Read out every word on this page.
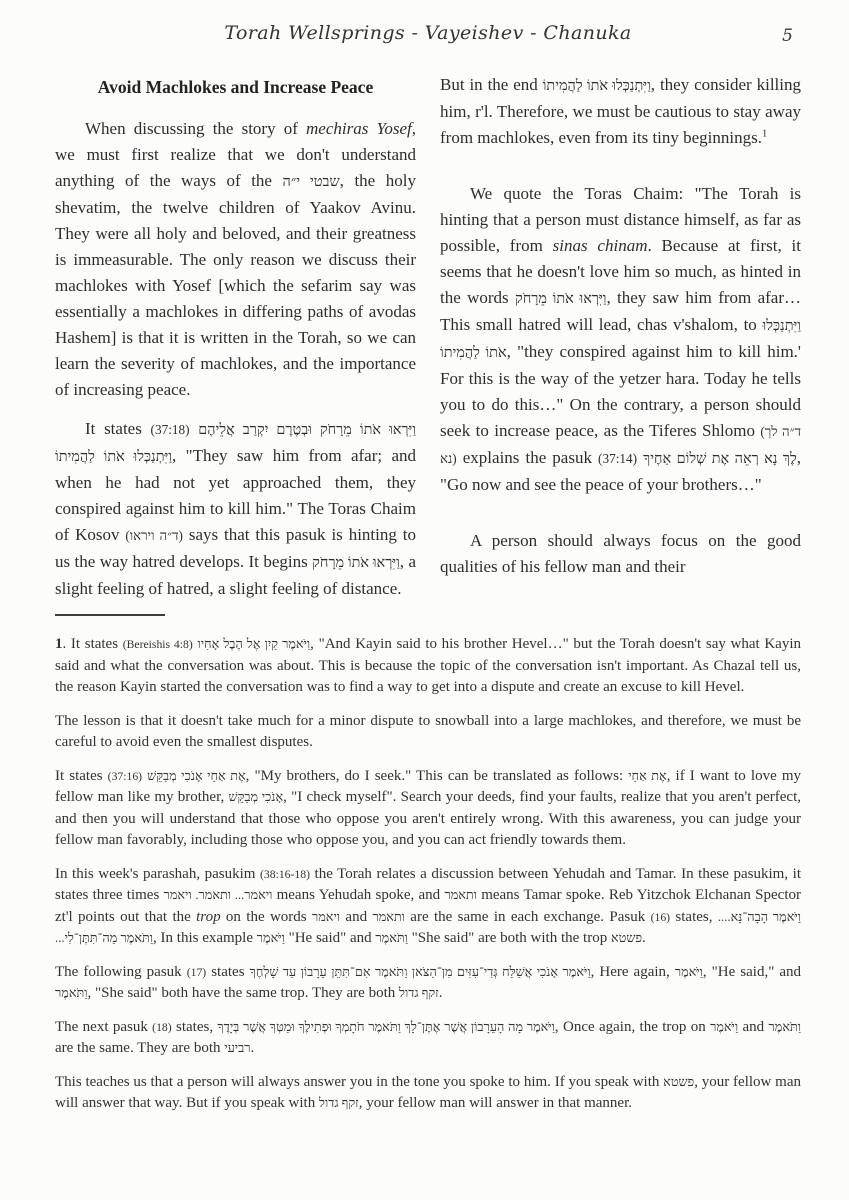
Torah Wellsprings - Vayeishev - Chanuka	5
Avoid Machlokes and Increase Peace

When discussing the story of mechiras Yosef, we must first realize that we don't understand anything of the ways of the שבטי י״ה, the holy shevatim, the twelve children of Yaakov Avinu. They were all holy and beloved, and their greatness is immeasurable. The only reason we discuss their machlokes with Yosef [which the sefarim say was essentially a machlokes in differing paths of avodas Hashem] is that it is written in the Torah, so we can learn the severity of machlokes, and the importance of increasing peace.

It states (37:18) וַיִּרְאוּ אֹתוֹ מֵרָחֹק וּבְטֶרֶם יִקְרַב אֲלֵיהֶם וַיִּתְנַכְּלוּ אֹתוֹ לַהֲמִיתוֹ, "They saw him from afar; and when he had not yet approached them, they conspired against him to kill him." The Toras Chaim of Kosov (ד״ה ויראו) says that this pasuk is hinting to us the way hatred develops. It begins וַיִּרְאוּ אֹתוֹ מֵרָחֹק, a slight feeling of hatred, a slight feeling of distance.

But in the end וַיִּתְנַכְּלוּ אֹתוֹ לַהֲמִיתוֹ, they consider killing him, r'l. Therefore, we must be cautious to stay away from machlokes, even from its tiny beginnings.$^1$

We quote the Toras Chaim: "The Torah is hinting that a person must distance himself, as far as possible, from sinas chinam. Because at first, it seems that he doesn't love him so much, as hinted in the words וַיִּרְאוּ אֹתוֹ מֵרָחֹק, they saw him from afar… This small hatred will lead, chas v'shalom, to וַיִּתְנַכְּלוּ אֹתוֹ לַהֲמִיתוֹ, "they conspired against him to kill him.' For this is the way of the yetzer hara. Today he tells you to do this…" On the contrary, a person should seek to increase peace, as the Tiferes Shlomo (ד״ה לך נא) explains the pasuk (37:14) לֶךְ נָא רְאֵה אֶת שְׁלוֹם אַחֶיךָ, "Go now and see the peace of your brothers…"

A person should always focus on the good qualities of his fellow man and their

1. It states (Bereishis 4:8) וַיֹּאמֶר קַיִן אֶל הֶבֶל אָחִיו, "And Kayin said to his brother Hevel…" but the Torah doesn't say what Kayin said and what the conversation was about. This is because the topic of the conversation isn't important. As Chazal tell us, the reason Kayin started the conversation was to find a way to get into a dispute and create an excuse to kill Hevel.

The lesson is that it doesn't take much for a minor dispute to snowball into a large machlokes, and therefore, we must be careful to avoid even the smallest disputes.

It states (37:16) אֶת אַחַי אָנֹכִי מְבַקֵּשׁ, "My brothers, do I seek." This can be translated as follows: אֶת אַחַי, if I want to love my fellow man like my brother, אָנֹכִי מְבַקֵּשׁ, "I check myself". Search your deeds, find your faults, realize that you aren't perfect, and then you will understand that those who oppose you aren't entirely wrong. With this awareness, you can judge your fellow man favorably, including those who oppose you, and you can act friendly towards them.

In this week's parashah, pasukim (38:16-18) the Torah relates a discussion between Yehudah and Tamar. In these pasukim, it states three times ויאמר... ותאמר. ויאמר means Yehudah spoke, and ותאמר means Tamar spoke. Reb Yitzchok Elchanan Spector zt'l points out that the trop on the words ויאמר and ותאמר are the same in each exchange. Pasuk (16) states, וַיֹּאמֶר הָבָה־נָּא.... וַתֹּאמֶר מַה־תִּתֶּן־לִי..., In this example וַיֹּאמֶר "He said" and וַתֹּאמֶר "She said" are both with the trop פשטא.

The following pasuk (17) states וַיֹּאמֶר אָנֹכִי אֲשַׁלַּח גְּדִי־עִזִּים מִן־הַצֹּאן וַתֹּאמֶר אִם־תִּתֵּן עֵרָבוֹן עַד שָׁלְחֶךָ, Here again, וַיֹּאמֶר, "He said," and וַתֹּאמֶר, "She said" both have the same trop. They are both זקף גדול.

The next pasuk (18) states, וַיֹּאמֶר מָה הָעֵרָבוֹן אֲשֶׁר אֶתֶּן־לָךְ וַתֹּאמֶר חֹתָמְךָ וּפְתִילֶךָ וּמַטְּךָ אֲשֶׁר בְּיָדֶךָ, Once again, the trop on וַיֹּאמֶר and וַתֹּאמֶר are the same. They are both רביעי.

This teaches us that a person will always answer you in the tone you spoke to him. If you speak with פשטא, your fellow man will answer that way. But if you speak with זקף גדול, your fellow man will answer in that manner.
